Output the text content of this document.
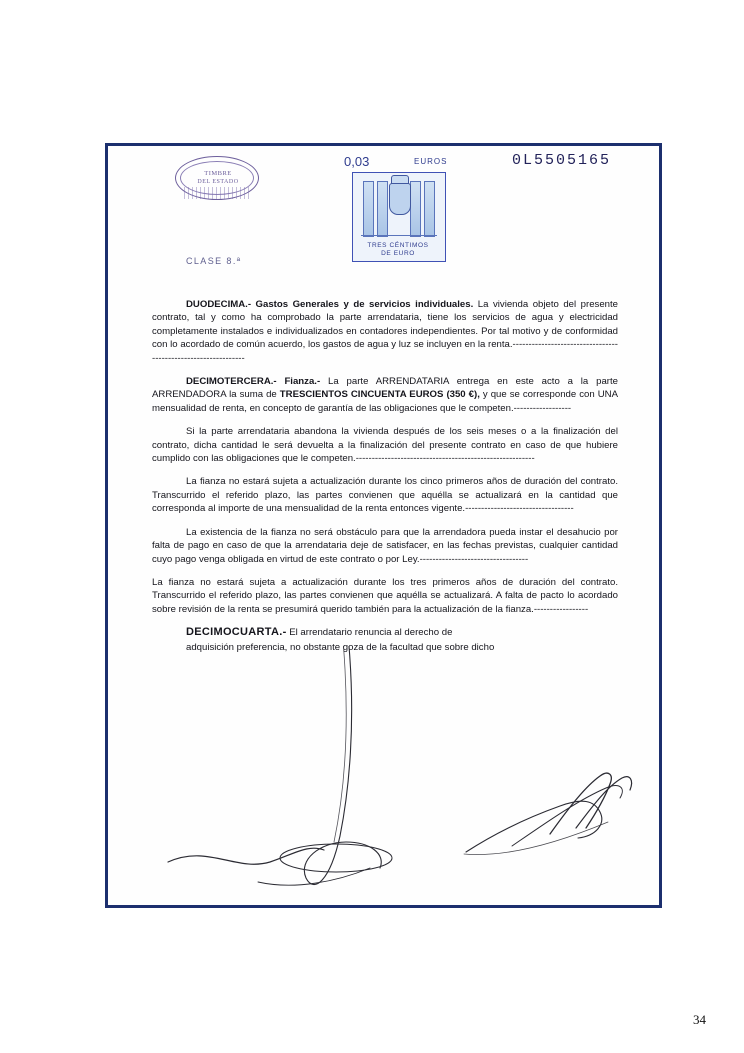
TIMBRE
DEL ESTADO
CLASE 8.ª
0,03	EUROS
TRES CÉNTIMOS
DE EURO
0L5505165

DUODECIMA.- Gastos Generales y de servicios individuales. La vivienda objeto del presente contrato, tal y como ha comprobado la parte arrendataria, tiene los servicios de agua y electricidad completamente instalados e individualizados en contadores independientes. Por tal motivo y de conformidad con lo acordado de común acuerdo, los gastos de agua y luz se incluyen en la renta.--------------------------------------------------------------

DECIMOTERCERA.- Fianza.- La parte ARRENDATARIA entrega en este acto a la parte ARRENDADORA la suma de TRESCIENTOS CINCUENTA EUROS (350 €), y que se corresponde con UNA mensualidad de renta, en concepto de garantía de las obligaciones que le competen.------------------

Si la parte arrendataria abandona la vivienda después de los seis meses o a la finalización del contrato, dicha cantidad le será devuelta a la finalización del presente contrato en caso de que hubiere cumplido con las obligaciones que le competen.--------------------------------------------------------

La fianza no estará sujeta a actualización durante los cinco primeros años de duración del contrato. Transcurrido el referido plazo, las partes convienen que aquélla se actualizará en la cantidad que corresponda al importe de una mensualidad de la renta entonces vigente.----------------------------------

La existencia de la fianza no será obstáculo para que la arrendadora pueda instar el desahucio por falta de pago en caso de que la arrendataria deje de satisfacer, en las fechas previstas, cualquier cantidad cuyo pago venga obligada en virtud de este contrato o por Ley.----------------------------------

La fianza no estará sujeta a actualización durante los tres primeros años de duración del contrato. Transcurrido el referido plazo, las partes convienen que aquélla se actualizará. A falta de pacto lo acordado sobre revisión de la renta se presumirá querido también para la actualización de la fianza.-----------------

DECIMOCUARTA.- El arrendatario renuncia al derecho de
adquisición preferencia, no obstante goza de la facultad que sobre dicho

34
